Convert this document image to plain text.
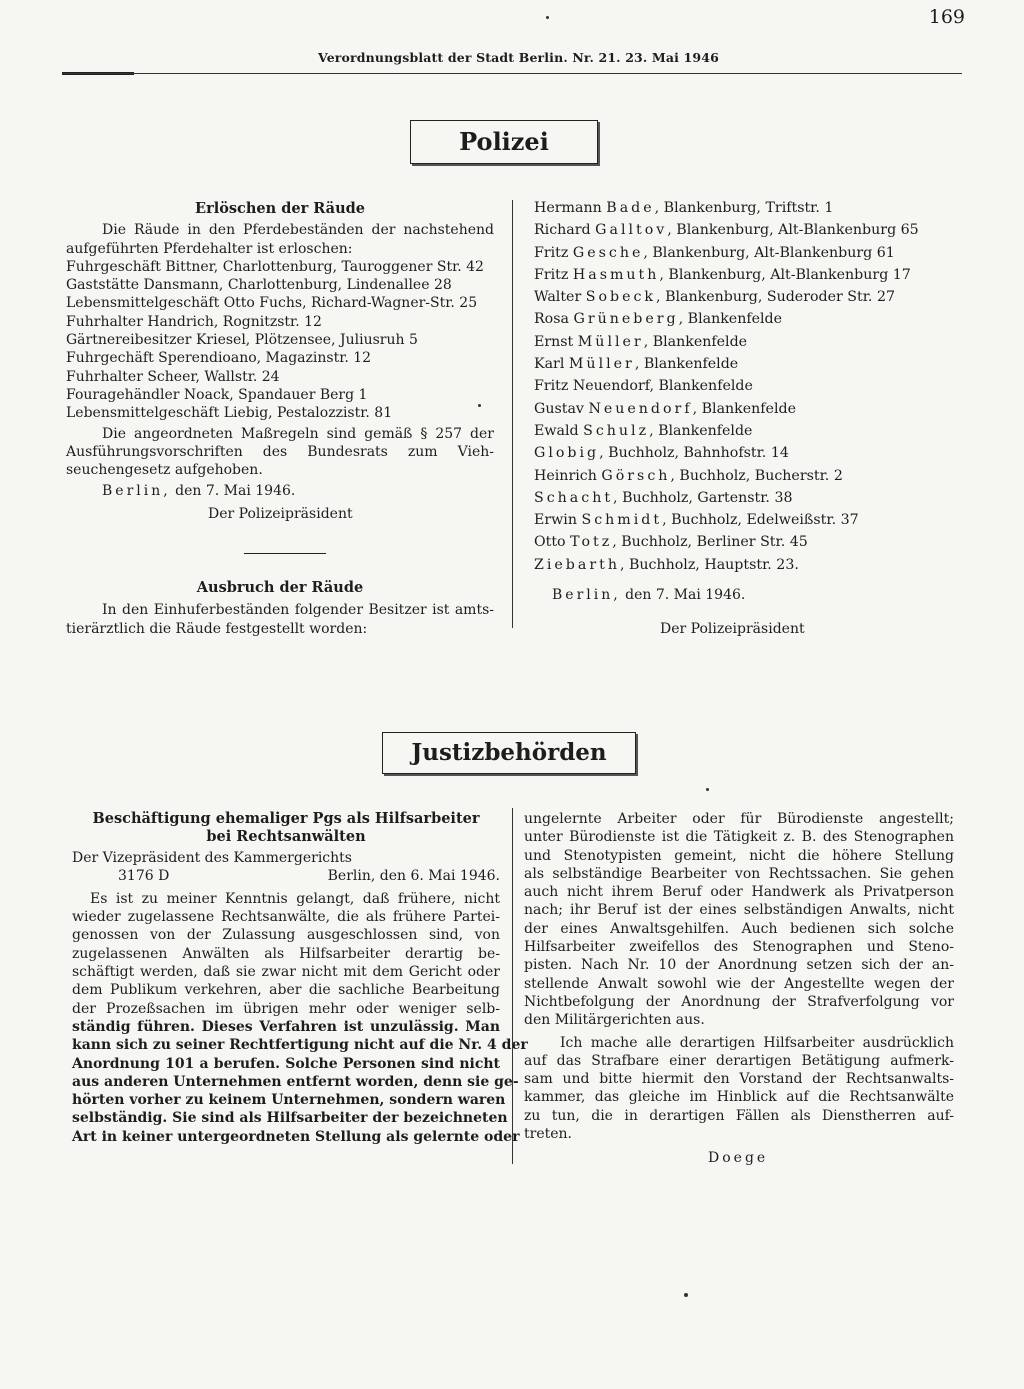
169
Verordnungsblatt der Stadt Berlin. Nr. 21. 23. Mai 1946
Polizei
Erlöschen der Räude
Die Räude in den Pferdebeständen der nachstehend
aufgeführten Pferdehalter ist erloschen:
Fuhrgeschäft Bittner, Charlottenburg, Tauroggener Str. 42
Gaststätte Dansmann, Charlottenburg, Lindenallee 28
Lebensmittelgeschäft Otto Fuchs, Richard-Wagner-Str. 25
Fuhrhalter Handrich, Rognitzstr. 12
Gärtnereibesitzer Kriesel, Plötzensee, Juliusruh 5
Fuhrgechäft Sperendioano, Magazinstr. 12
Fuhrhalter Scheer, Wallstr. 24
Fouragehändler Noack, Spandauer Berg 1
Lebensmittelgeschäft Liebig, Pestalozzistr. 81
Die angeordneten Maßregeln sind gemäß § 257 der
Ausführungsvorschriften des Bundesrats zum Vieh-
seuchengesetz aufgehoben.
Berlin, den 7. Mai 1946.
Der Polizeipräsident
Ausbruch der Räude
In den Einhuferbeständen folgender Besitzer ist amts-
tierärztlich die Räude festgestellt worden:
Hermann Bade, Blankenburg, Triftstr. 1
Richard Galltov, Blankenburg, Alt-Blankenburg 65
Fritz Gesche, Blankenburg, Alt-Blankenburg 61
Fritz Hasmuth, Blankenburg, Alt-Blankenburg 17
Walter Sobeck, Blankenburg, Suderoder Str. 27
Rosa Grüneberg, Blankenfelde
Ernst Müller, Blankenfelde
Karl Müller, Blankenfelde
Fritz Neuendorf, Blankenfelde
Gustav Neuendorf, Blankenfelde
Ewald Schulz, Blankenfelde
Globig, Buchholz, Bahnhofstr. 14
Heinrich Görsch, Buchholz, Bucherstr. 2
Schacht, Buchholz, Gartenstr. 38
Erwin Schmidt, Buchholz, Edelweißstr. 37
Otto Totz, Buchholz, Berliner Str. 45
Ziebarth, Buchholz, Hauptstr. 23.
Berlin, den 7. Mai 1946.
Der Polizeipräsident
Justizbehörden
Beschäftigung ehemaliger Pgs als Hilfsarbeiter
bei Rechtsanwälten
Der Vizepräsident des Kammergerichts
3176 D	Berlin, den 6. Mai 1946.
Es ist zu meiner Kenntnis gelangt, daß frühere, nicht
wieder zugelassene Rechtsanwälte, die als frühere Partei-
genossen von der Zulassung ausgeschlossen sind, von
zugelassenen Anwälten als Hilfsarbeiter derartig be-
schäftigt werden, daß sie zwar nicht mit dem Gericht oder
dem Publikum verkehren, aber die sachliche Bearbeitung
der Prozeßsachen im übrigen mehr oder weniger selb-
ständig führen. Dieses Verfahren ist unzulässig. Man
kann sich zu seiner Rechtfertigung nicht auf die Nr. 4 der
Anordnung 101 a berufen. Solche Personen sind nicht
aus anderen Unternehmen entfernt worden, denn sie ge-
hörten vorher zu keinem Unternehmen, sondern waren
selbständig. Sie sind als Hilfsarbeiter der bezeichneten
Art in keiner untergeordneten Stellung als gelernte oder
ungelernte Arbeiter oder für Bürodienste angestellt;
unter Bürodienste ist die Tätigkeit z. B. des Stenographen
und Stenotypisten gemeint, nicht die höhere Stellung
als selbständige Bearbeiter von Rechtssachen. Sie gehen
auch nicht ihrem Beruf oder Handwerk als Privatperson
nach; ihr Beruf ist der eines selbständigen Anwalts, nicht
der eines Anwaltsgehilfen. Auch bedienen sich solche
Hilfsarbeiter zweifellos des Stenographen und Steno-
pisten. Nach Nr. 10 der Anordnung setzen sich der an-
stellende Anwalt sowohl wie der Angestellte wegen der
Nichtbefolgung der Anordnung der Strafverfolgung vor
den Militärgerichten aus.
Ich mache alle derartigen Hilfsarbeiter ausdrücklich
auf das Strafbare einer derartigen Betätigung aufmerk-
sam und bitte hiermit den Vorstand der Rechtsanwalts-
kammer, das gleiche im Hinblick auf die Rechtsanwälte
zu tun, die in derartigen Fällen als Dienstherren auf-
treten.
Doege
